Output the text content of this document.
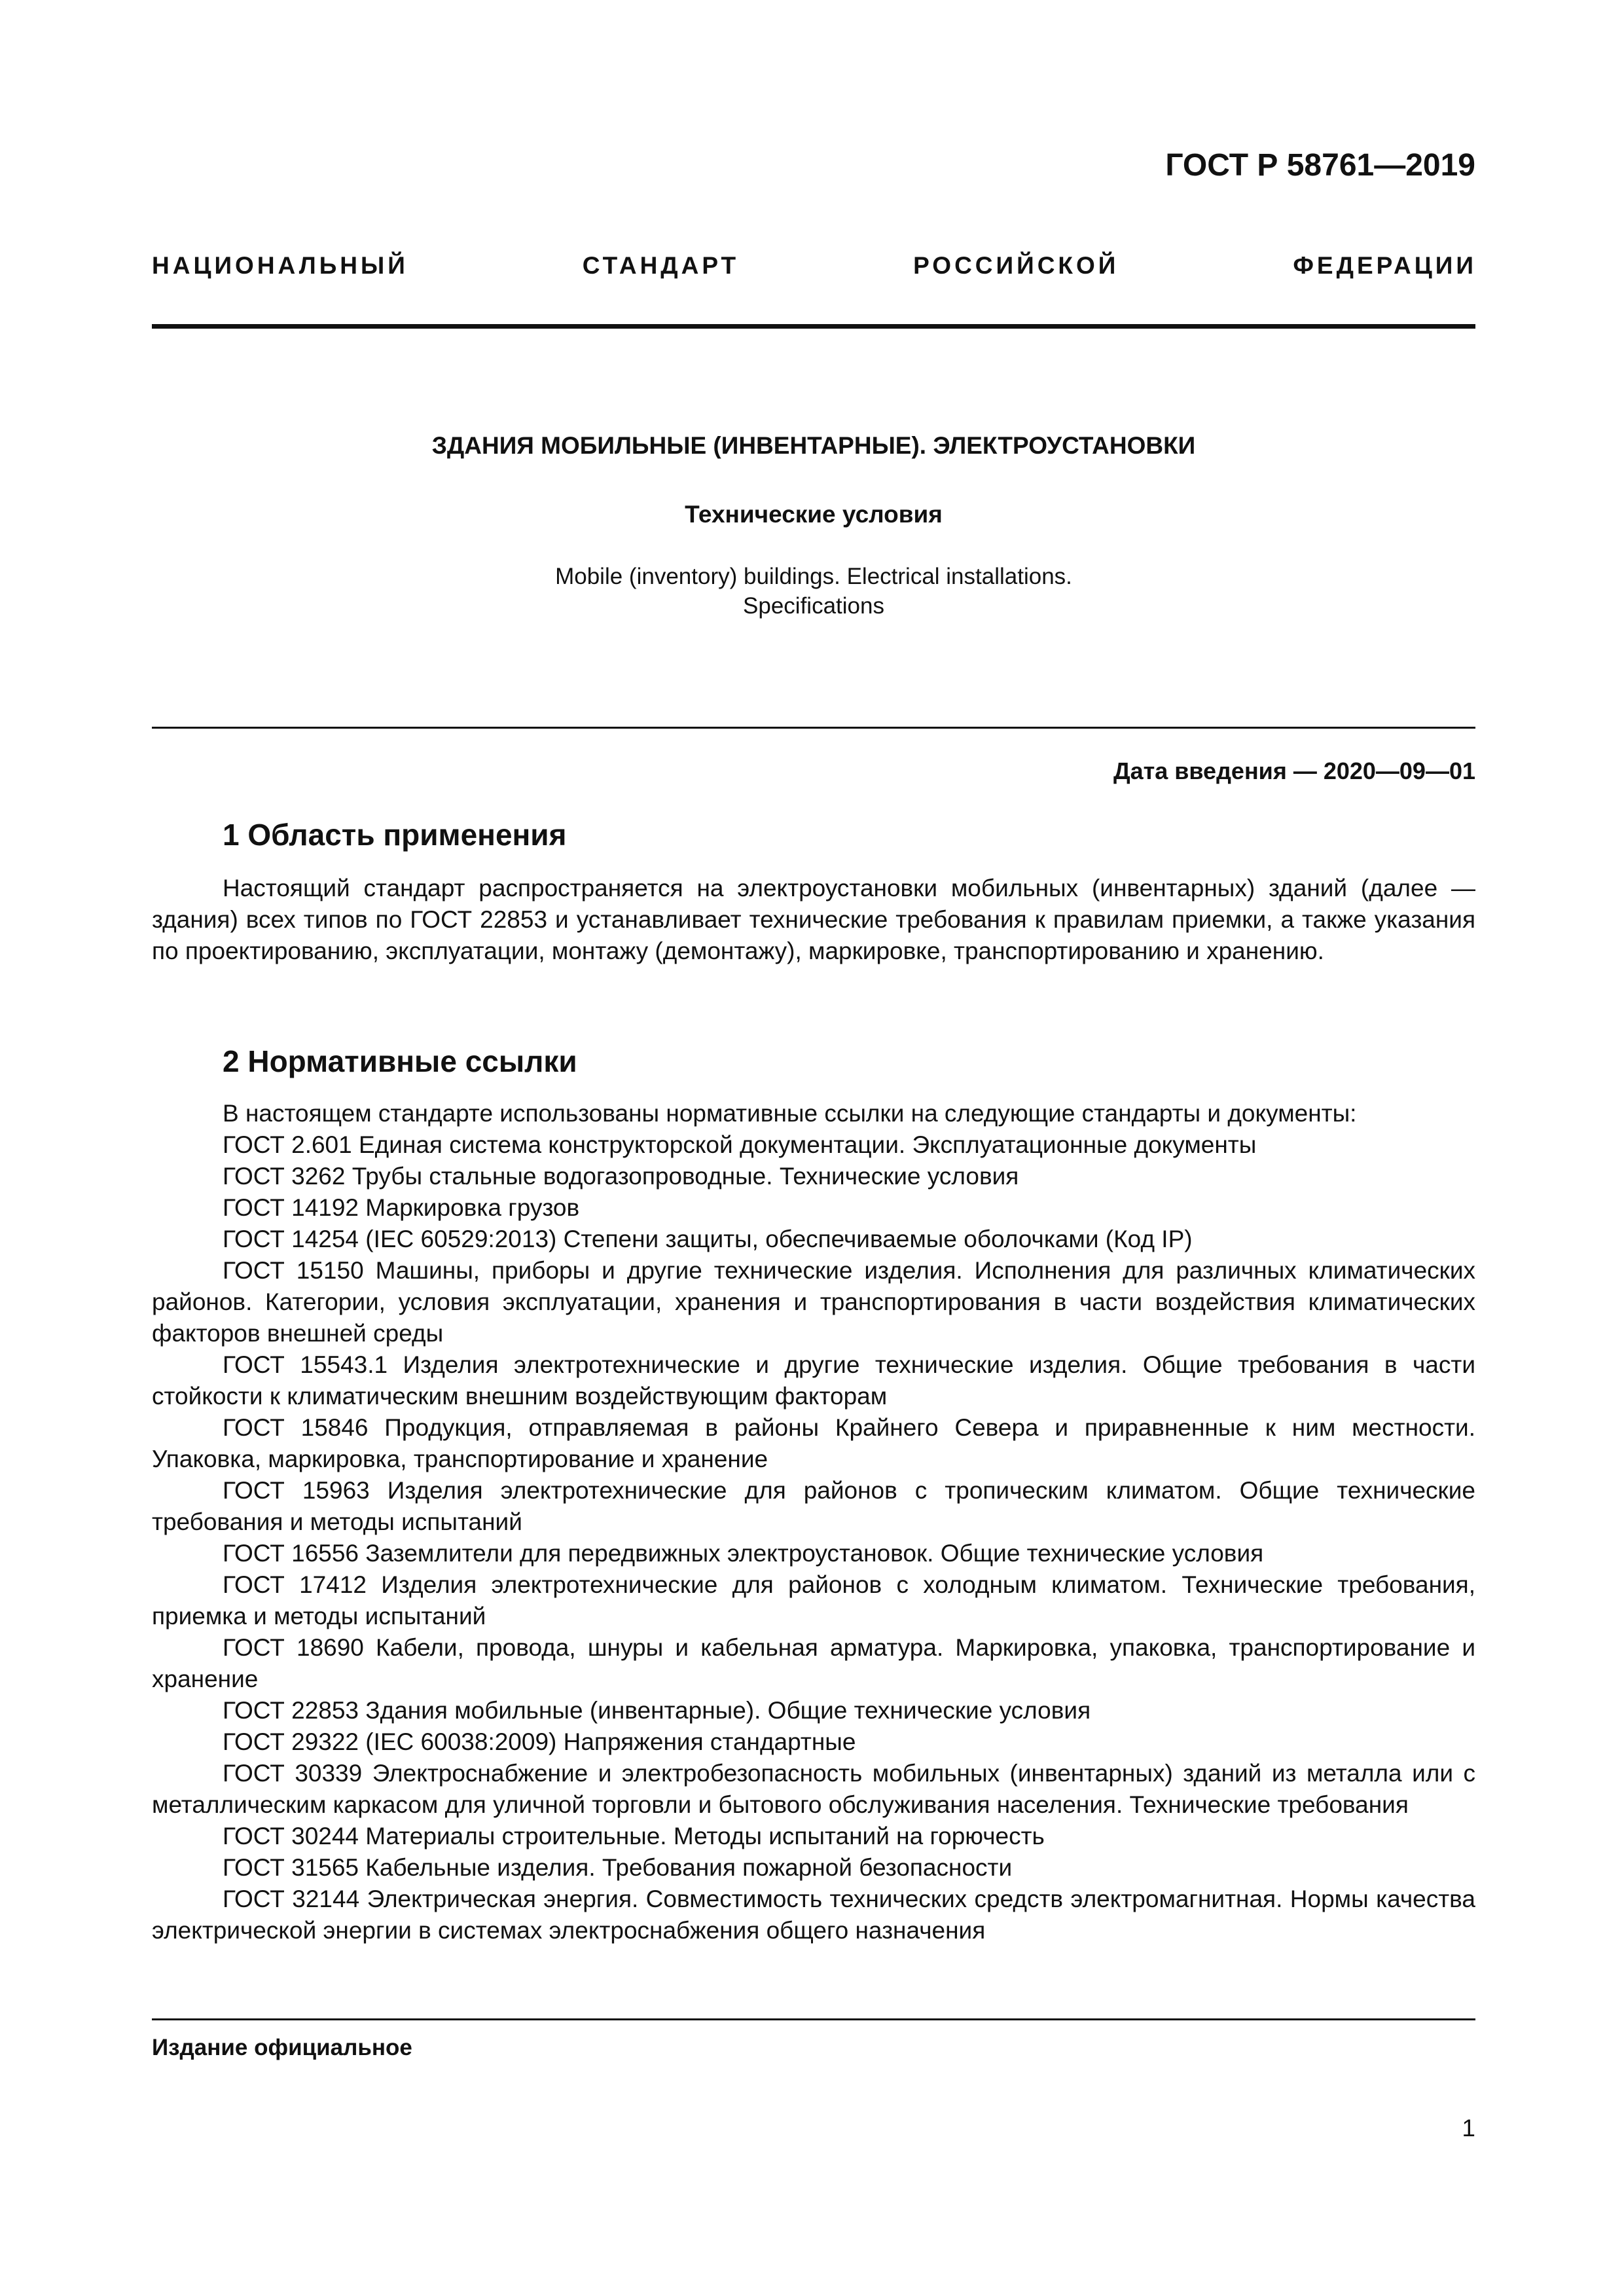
ГОСТ Р 58761—2019
НАЦИОНАЛЬНЫЙ СТАНДАРТ РОССИЙСКОЙ ФЕДЕРАЦИИ
ЗДАНИЯ МОБИЛЬНЫЕ (ИНВЕНТАРНЫЕ). ЭЛЕКТРОУСТАНОВКИ
Технические условия
Mobile (inventory) buildings. Electrical installations.
Specifications
Дата введения — 2020—09—01
1 Область применения

Настоящий стандарт распространяется на электроустановки мобильных (инвентарных) зданий (далее — здания) всех типов по ГОСТ 22853 и устанавливает технические требования к правилам приемки, а также указания по проектированию, эксплуатации, монтажу (демонтажу), маркировке, транспортированию и хранению.

2 Нормативные ссылки

В настоящем стандарте использованы нормативные ссылки на следующие стандарты и документы:

ГОСТ 2.601 Единая система конструкторской документации. Эксплуатационные документы

ГОСТ 3262 Трубы стальные водогазопроводные. Технические условия

ГОСТ 14192 Маркировка грузов

ГОСТ 14254 (IEC 60529:2013) Степени защиты, обеспечиваемые оболочками (Код IP)

ГОСТ 15150 Машины, приборы и другие технические изделия. Исполнения для различных климатических районов. Категории, условия эксплуатации, хранения и транспортирования в части воздействия климатических факторов внешней среды

ГОСТ 15543.1 Изделия электротехнические и другие технические изделия. Общие требования в части стойкости к климатическим внешним воздействующим факторам

ГОСТ 15846 Продукция, отправляемая в районы Крайнего Севера и приравненные к ним местности. Упаковка, маркировка, транспортирование и хранение

ГОСТ 15963 Изделия электротехнические для районов с тропическим климатом. Общие технические требования и методы испытаний

ГОСТ 16556 Заземлители для передвижных электроустановок. Общие технические условия

ГОСТ 17412 Изделия электротехнические для районов с холодным климатом. Технические требования, приемка и методы испытаний

ГОСТ 18690 Кабели, провода, шнуры и кабельная арматура. Маркировка, упаковка, транспортирование и хранение

ГОСТ 22853 Здания мобильные (инвентарные). Общие технические условия

ГОСТ 29322 (IEC 60038:2009) Напряжения стандартные

ГОСТ 30339 Электроснабжение и электробезопасность мобильных (инвентарных) зданий из металла или с металлическим каркасом для уличной торговли и бытового обслуживания населения. Технические требования

ГОСТ 30244 Материалы строительные. Методы испытаний на горючесть

ГОСТ 31565 Кабельные изделия. Требования пожарной безопасности

ГОСТ 32144 Электрическая энергия. Совместимость технических средств электромагнитная. Нормы качества электрической энергии в системах электроснабжения общего назначения

Издание официальное
1
